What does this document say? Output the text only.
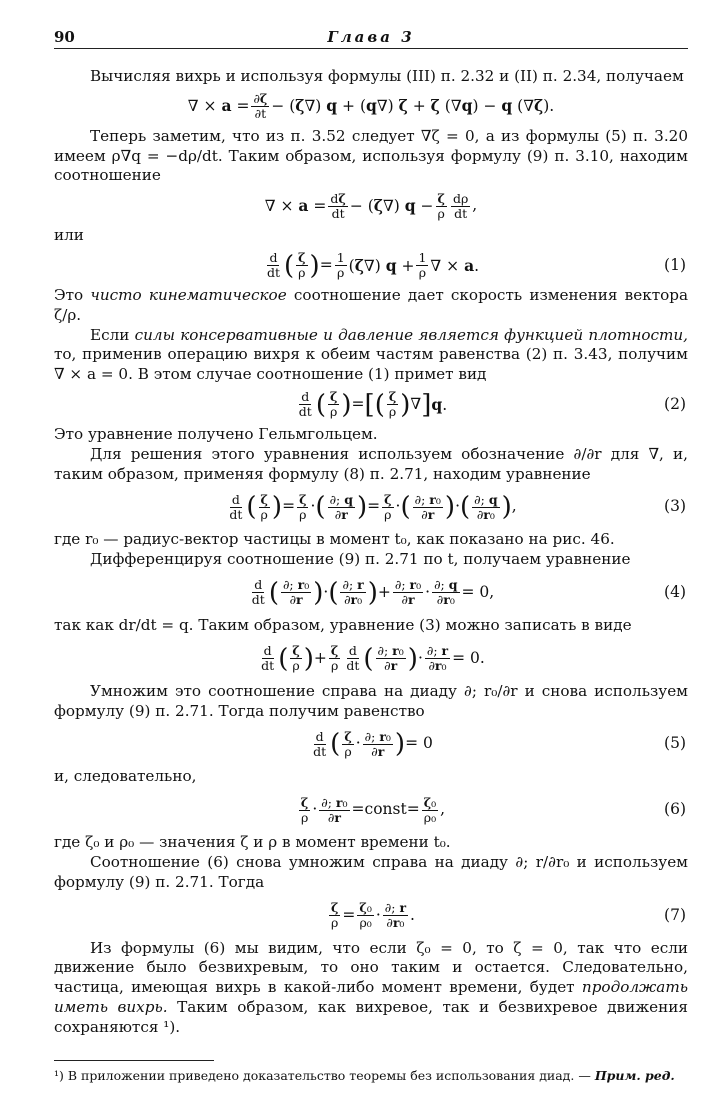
90	Глава 3

Вычисляя вихрь и используя формулы (III) п. 2.32 и (II) п. 2.34, получаем

∇ × $a = \frac{\partial\zeta}{\partial t} - (\zeta\nabla) q + (q\nabla) \zeta + \zeta$ (∇q) − q (∇ζ).

Теперь заметим, что из п. 3.52 следует ∇ζ = 0, а из формулы (5) п. 3.20 имеем ρ∇q = −dρ/dt. Таким образом, используя формулу (9) п. 3.10, находим соотношение

∇ × $a = \frac{d\zeta}{dt} - (\zeta\nabla) q - \frac{\zeta}{\rho} \frac{d\rho}{dt}$ ,

или

$\frac{d}{dt}$ ( $\frac{\zeta}{\rho}$ ) = $\frac{1}{\rho} (\zeta\nabla) q + \frac{1}{\rho}$ ∇ × a.	(1)

Это чисто кинематическое соотношение дает скорость изменения вектора ζ/ρ.

Если силы консервативные и давление является функцией плотности, то, применив операцию вихря к обеим частям равенства (2) п. 3.43, получим ∇ × a = 0. В этом случае соотношение (1) примет вид

$\frac{d}{dt}$ ( $\frac{\zeta}{\rho}$ ) = [ ( $\frac{\zeta}{\rho}$ ) ∇ ] q.	(2)

Это уравнение получено Гельмгольцем.

Для решения этого уравнения используем обозначение ∂/∂r для ∇, и, таким образом, применяя формулу (8) п. 2.71, находим уравнение

$\frac{d}{dt}$ ( $\frac{\zeta}{\rho}$ ) = $\frac{\zeta}{\rho}$ · ( $\frac{\partial; q}{\partial r}$ ) = $\frac{\zeta}{\rho}$ · ( $\frac{\text{∂; r₀}}{\partial r}$ ) · ( $\frac{\partial; q}{\text{∂r₀}}$ ) ,	(3)

где r₀ — радиус-вектор частицы в момент t₀, как показано на рис. 46.

Дифференцируя соотношение (9) п. 2.71 по t, получаем уравнение

$\frac{d}{dt}$ ( $\frac{\text{∂; r₀}}{\partial r}$ ) · ( $\frac{\partial; r}{\text{∂r₀}}$ ) + $\frac{\text{∂; r₀}}{\partial r} \cdot \frac{\partial; q}{\text{∂r₀}} = 0$,	(4)

так как dr/dt = q. Таким образом, уравнение (3) можно записать в виде

$\frac{d}{dt}$ ( $\frac{\zeta}{\rho}$ ) + $\frac{\zeta}{\rho} \frac{d}{dt}$ ( $\frac{\text{∂; r₀}}{\partial r}$ ) · $\frac{\partial; r}{\text{∂r₀}} = 0$.

Умножим это соотношение справа на диаду ∂; r₀/∂r и снова используем формулу (9) п. 2.71. Тогда получим равенство

$\frac{d}{dt}$ ( $\frac{\zeta}{\rho} \cdot \frac{\text{∂; r₀}}{\partial r}$ ) = 0	(5)

и, следовательно,

$\frac{\zeta}{\rho} \cdot \frac{\text{∂; r₀}}{\partial r}$ = const = $\frac{\text{ζ₀}}{\text{ρ₀}}$ ,	(6)

где ζ₀ и ρ₀ — значения ζ и ρ в момент времени t₀.

Соотношение (6) снова умножим справа на диаду ∂; r/∂r₀ и используем формулу (9) п. 2.71. Тогда

$\frac{\zeta}{\rho} = \frac{\text{ζ₀}}{\text{ρ₀}} \cdot \frac{\partial; r}{\text{∂r₀}}$ .	(7)

Из формулы (6) мы видим, что если ζ₀ = 0, то ζ = 0, так что если движение было безвихревым, то оно таким и остается. Следовательно, частица, имеющая вихрь в какой-либо момент времени, будет продолжать иметь вихрь. Таким образом, как вихревое, так и безвихревое движения сохраняются ¹).

¹) В приложении приведено доказательство теоремы без использования диад. — Прим. ред.
